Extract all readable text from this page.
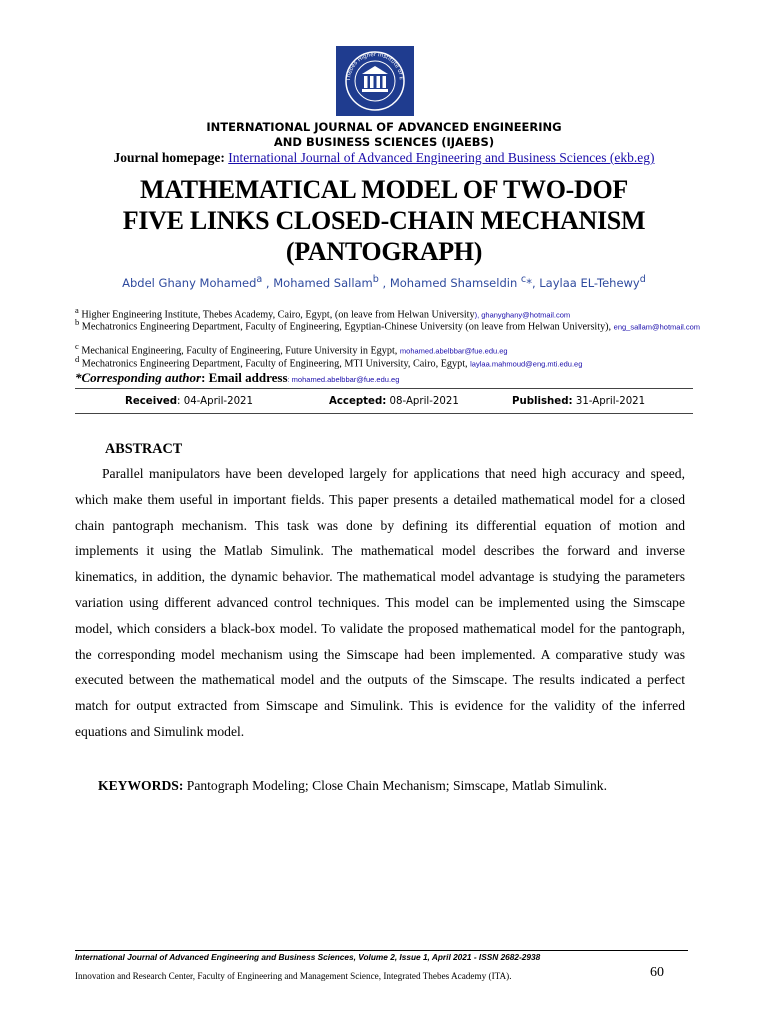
Thebes Higher Institute of E
INTERNATIONAL JOURNAL OF ADVANCED ENGINEERING
AND BUSINESS SCIENCES (IJAEBS)
Journal homepage: International Journal of Advanced Engineering and Business Sciences (ekb.eg)
MATHEMATICAL MODEL OF TWO-DOF
FIVE LINKS CLOSED-CHAIN MECHANISM
(PANTOGRAPH)
Abdel Ghany Mohamed$^a$ , Mohamed Sallam$^b$ , Mohamed Shamseldin $^c$*, Laylaa EL-Tehewy$^d$
$^a$ Higher Engineering Institute, Thebes Academy, Cairo, Egypt, (on leave from Helwan University), ghanyghany@hotmail.com
$^b$ Mechatronics Engineering Department, Faculty of Engineering, Egyptian-Chinese University (on leave from Helwan University), eng_sallam@hotmail.com
$^c$ Mechanical Engineering, Faculty of Engineering, Future University in Egypt, mohamed.abelbbar@fue.edu.eg
$^d$ Mechatronics Engineering Department, Faculty of Engineering, MTI University, Cairo, Egypt, laylaa.mahmoud@eng.mti.edu.eg
*Corresponding author: Email address: mohamed.abelbbar@fue.edu.eg
Received: 04-April-2021	Accepted: 08-April-2021	Published: 31-April-2021
ABSTRACT

Parallel manipulators have been developed largely for applications that need high accuracy and speed, which make them useful in important fields. This paper presents a detailed mathematical model for a closed chain pantograph mechanism. This task was done by defining its differential equation of motion and implements it using the Matlab Simulink. The mathematical model describes the forward and inverse kinematics, in addition, the dynamic behavior. The mathematical model advantage is studying the parameters variation using different advanced control techniques. This model can be implemented using the Simscape model, which considers a black-box model. To validate the proposed mathematical model for the pantograph, the corresponding model mechanism using the Simscape had been implemented. A comparative study was executed between the mathematical model and the outputs of the Simscape. The results indicated a perfect match for output extracted from Simscape and Simulink. This is evidence for the validity of the inferred equations and Simulink model.

KEYWORDS: Pantograph Modeling; Close Chain Mechanism; Simscape, Matlab Simulink.
International Journal of Advanced Engineering and Business Sciences, Volume 2, Issue 1, April 2021 - ISSN 2682-2938
Innovation and Research Center, Faculty of Engineering and Management Science, Integrated Thebes Academy (ITA).	60
